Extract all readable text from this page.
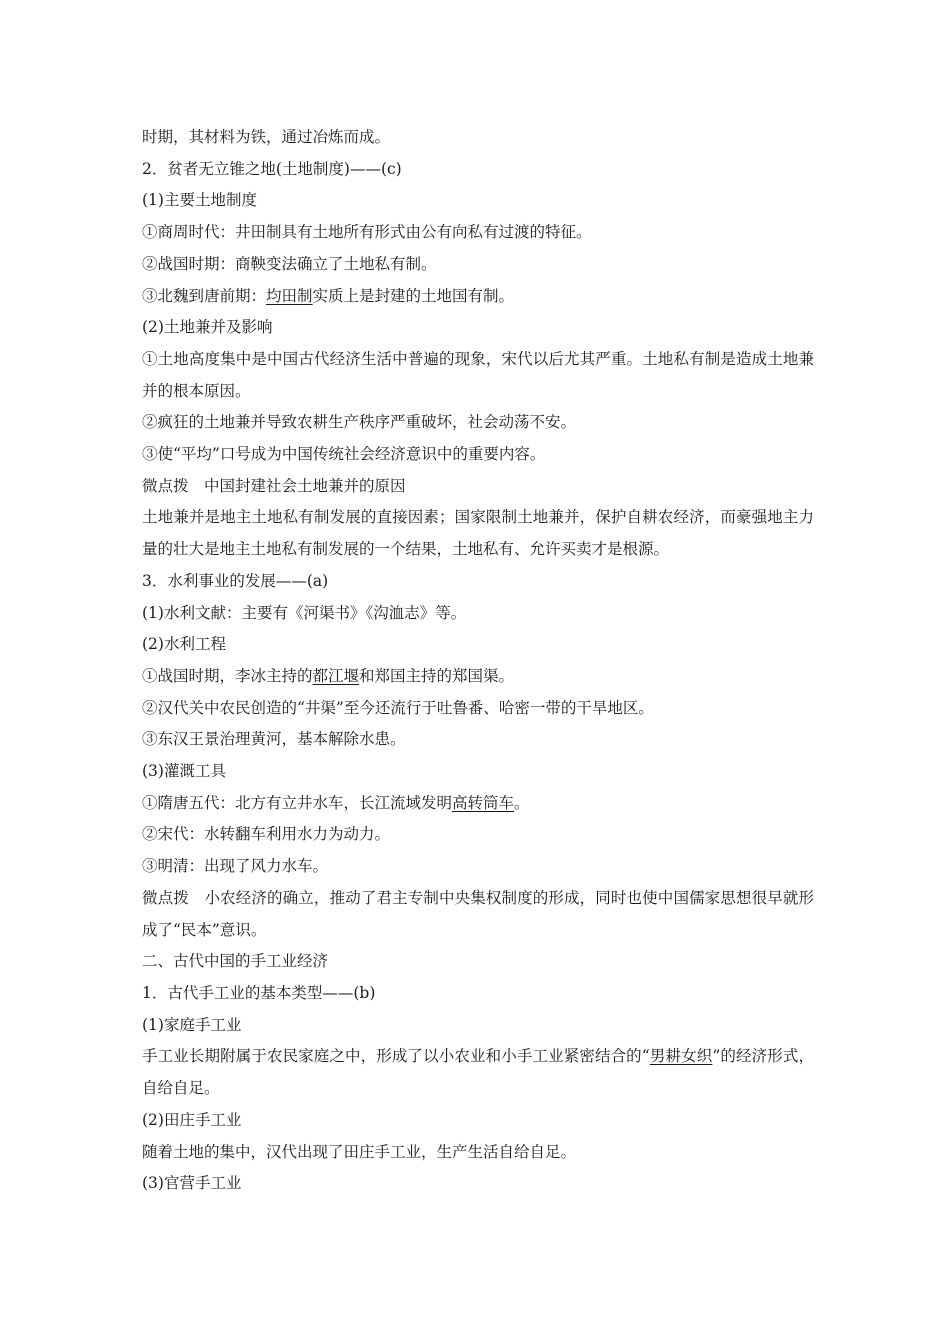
时期，其材料为铁，通过冶炼而成。

2．贫者无立锥之地(土地制度)——(c)

(1)主要土地制度

①商周时代：井田制具有土地所有形式由公有向私有过渡的特征。

②战国时期：商鞅变法确立了土地私有制。

③北魏到唐前期：均田制实质上是封建的土地国有制。

(2)土地兼并及影响

①土地高度集中是中国古代经济生活中普遍的现象，宋代以后尤其严重。土地私有制是造成土地兼并的根本原因。

②疯狂的土地兼并导致农耕生产秩序严重破坏，社会动荡不安。

③使“平均”口号成为中国传统社会经济意识中的重要内容。

微点拨　中国封建社会土地兼并的原因

土地兼并是地主土地私有制发展的直接因素；国家限制土地兼并，保护自耕农经济，而豪强地主力量的壮大是地主土地私有制发展的一个结果，土地私有、允许买卖才是根源。

3．水利事业的发展——(a)

(1)水利文献：主要有《河渠书》《沟洫志》等。

(2)水利工程

①战国时期，李冰主持的都江堰和郑国主持的郑国渠。

②汉代关中农民创造的“井渠”至今还流行于吐鲁番、哈密一带的干旱地区。

③东汉王景治理黄河，基本解除水患。

(3)灌溉工具

①隋唐五代：北方有立井水车，长江流域发明高转筒车。

②宋代：水转翻车利用水力为动力。

③明清：出现了风力水车。

微点拨　小农经济的确立，推动了君主专制中央集权制度的形成，同时也使中国儒家思想很早就形成了“民本”意识。

二、古代中国的手工业经济

1．古代手工业的基本类型——(b)

(1)家庭手工业

手工业长期附属于农民家庭之中，形成了以小农业和小手工业紧密结合的“男耕女织”的经济形式，自给自足。

(2)田庄手工业

随着土地的集中，汉代出现了田庄手工业，生产生活自给自足。

(3)官营手工业
